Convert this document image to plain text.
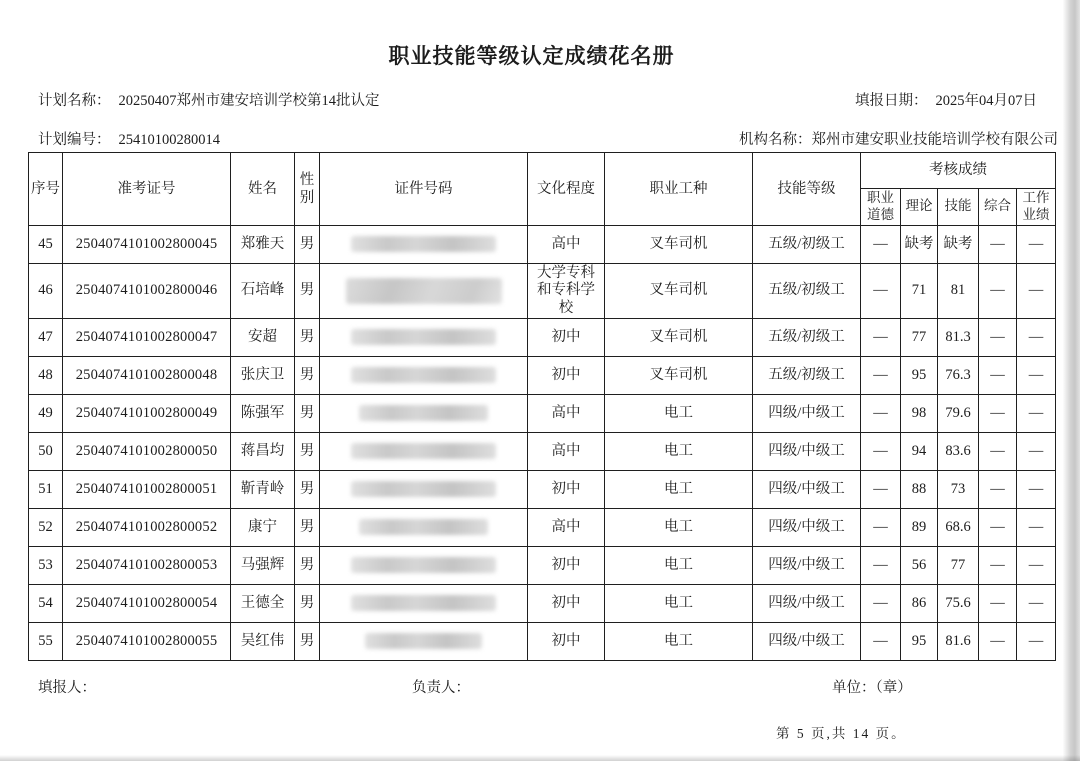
职业技能等级认定成绩花名册
计划名称： 20250407郑州市建安培训学校第14批认定	填报日期： 2025年04月07日
计划编号： 25410100280014	机构名称：郑州市建安职业技能培训学校有限公司
序号	准考证号	姓名	性别	证件号码	文化程度	职业工种	技能等级	考核成绩				
								职业道德	理论	技能	综合	工作业绩
45	2504074101002800045	郑雅天	男		高中	叉车司机	五级/初级工	—	缺考	缺考	—	—
46	2504074101002800046	石培峰	男		大学专科和专科学校	叉车司机	五级/初级工	—	71	81	—	—
47	2504074101002800047	安超	男		初中	叉车司机	五级/初级工	—	77	81.3	—	—
48	2504074101002800048	张庆卫	男		初中	叉车司机	五级/初级工	—	95	76.3	—	—
49	2504074101002800049	陈强军	男		高中	电工	四级/中级工	—	98	79.6	—	—
50	2504074101002800050	蒋昌均	男		高中	电工	四级/中级工	—	94	83.6	—	—
51	2504074101002800051	靳青岭	男		初中	电工	四级/中级工	—	88	73	—	—
52	2504074101002800052	康宁	男		高中	电工	四级/中级工	—	89	68.6	—	—
53	2504074101002800053	马强辉	男		初中	电工	四级/中级工	—	56	77	—	—
54	2504074101002800054	王德全	男		初中	电工	四级/中级工	—	86	75.6	—	—
55	2504074101002800055	吴红伟	男		初中	电工	四级/中级工	—	95	81.6	—	—
填报人：	负责人：	单位：（章）
第 5 页,共 14 页。
